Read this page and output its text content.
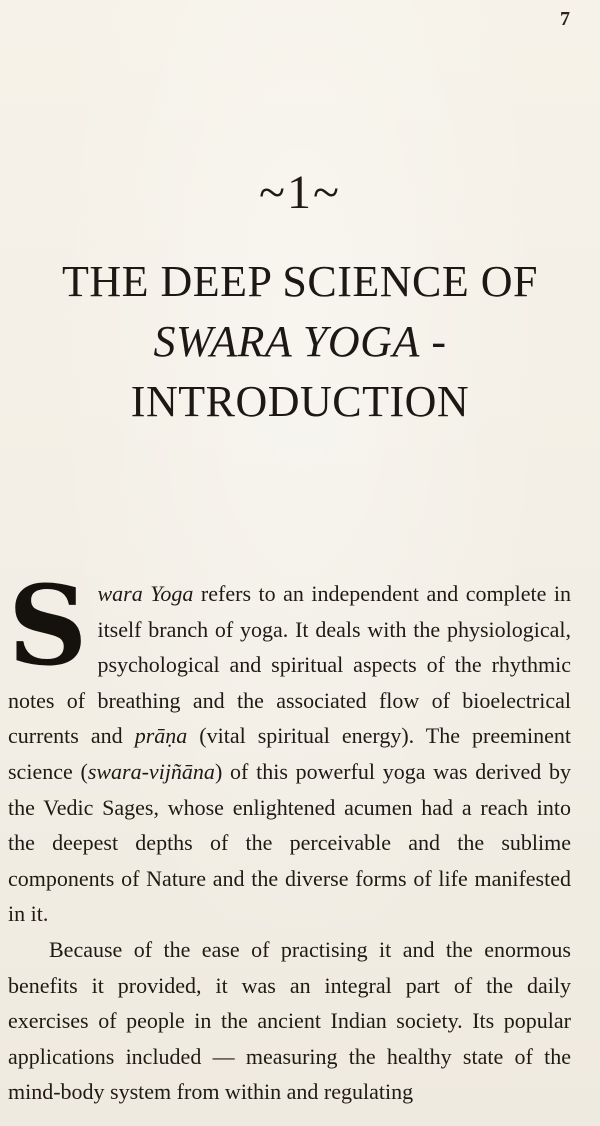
7
~1~
THE DEEP SCIENCE OF
SWARA YOGA -
INTRODUCTION

Swara Yoga refers to an independent and complete in itself branch of yoga. It deals with the physiological, psychological and spiritual aspects of the rhythmic notes of breathing and the associated flow of bioelectrical currents and prāṇa (vital spiritual energy). The preeminent science (swara-vijñāna) of this powerful yoga was derived by the Vedic Sages, whose enlightened acumen had a reach into the deepest depths of the perceivable and the sublime components of Nature and the diverse forms of life manifested in it.

Because of the ease of practising it and the enormous benefits it provided, it was an integral part of the daily exercises of people in the ancient Indian society. Its popular applications included — measuring the healthy state of the mind-body system from within and regulating
